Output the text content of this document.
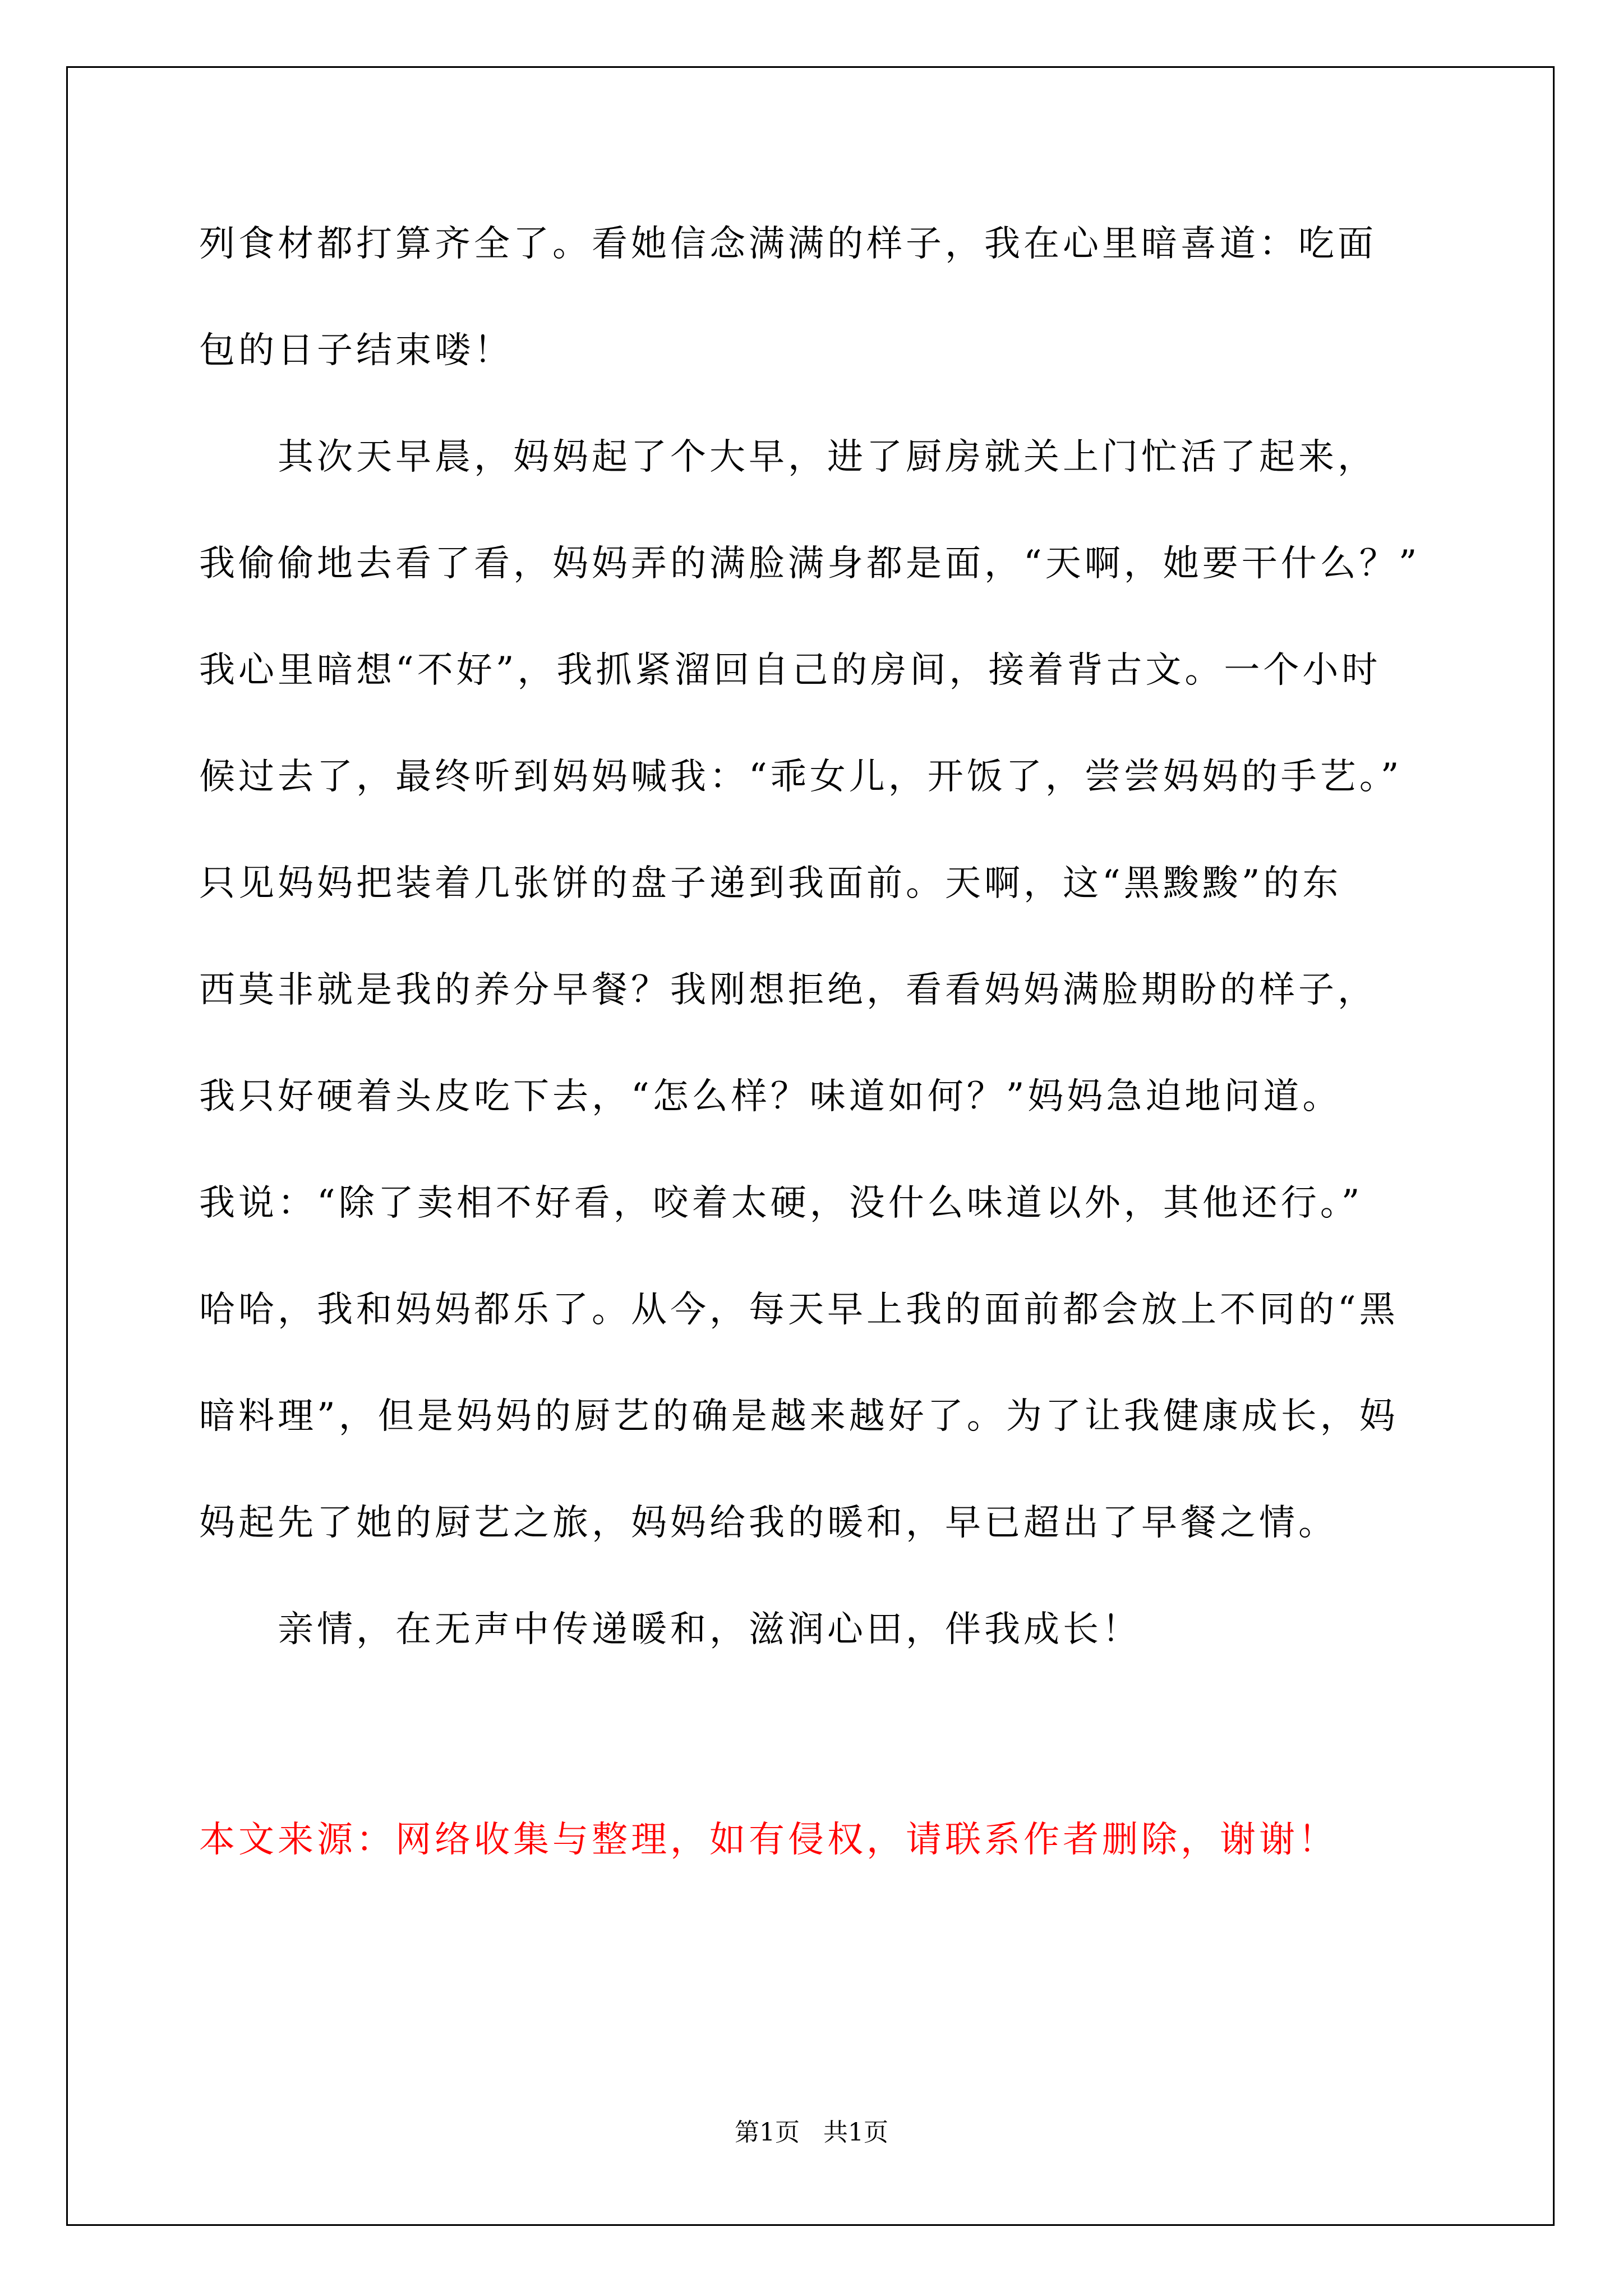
列食材都打算齐全了。看她信念满满的样子，我在心里暗喜道：吃面
包的日子结束喽！
　　其次天早晨，妈妈起了个大早，进了厨房就关上门忙活了起来，
我偷偷地去看了看，妈妈弄的满脸满身都是面，“天啊，她要干什么？”
我心里暗想“不好”，我抓紧溜回自己的房间，接着背古文。一个小时
候过去了，最终听到妈妈喊我：“乖女儿，开饭了，尝尝妈妈的手艺。”
只见妈妈把装着几张饼的盘子递到我面前。天啊，这“黑黢黢”的东
西莫非就是我的养分早餐？我刚想拒绝，看看妈妈满脸期盼的样子，
我只好硬着头皮吃下去，“怎么样？味道如何？”妈妈急迫地问道。
我说：“除了卖相不好看，咬着太硬，没什么味道以外，其他还行。”
哈哈，我和妈妈都乐了。从今，每天早上我的面前都会放上不同的“黑
暗料理”，但是妈妈的厨艺的确是越来越好了。为了让我健康成长，妈
妈起先了她的厨艺之旅，妈妈给我的暖和，早已超出了早餐之情。
　　亲情，在无声中传递暖和，滋润心田，伴我成长！
本文来源：网络收集与整理，如有侵权，请联系作者删除，谢谢！
第1页   共1页
